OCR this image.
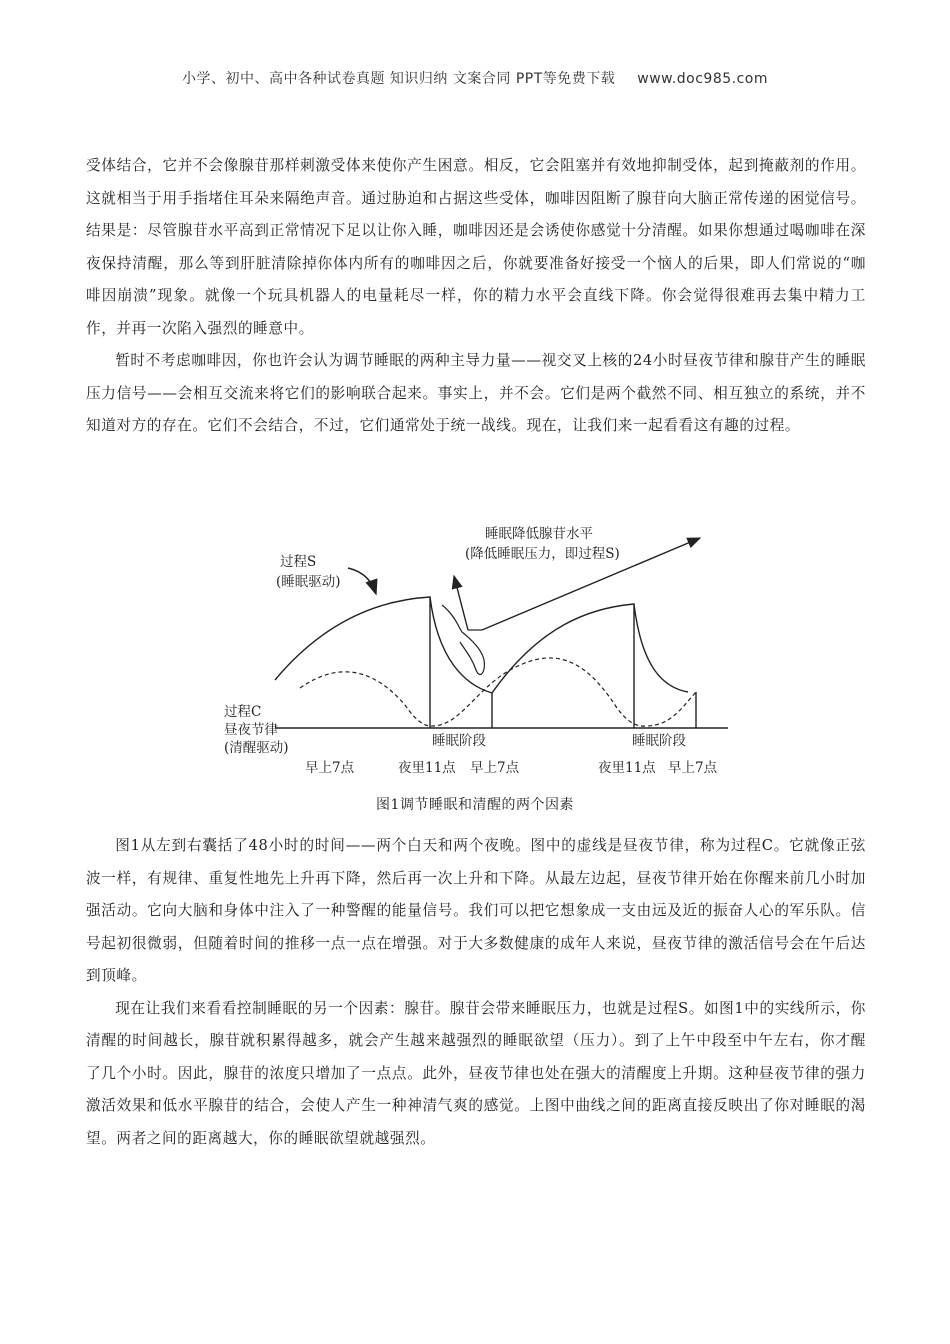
小学、初中、高中各种试卷真题 知识归纳 文案合同 PPT等免费下载 www.doc985.com

受体结合，它并不会像腺苷那样刺激受体来使你产生困意。相反，它会阻塞并有效地抑制受体，起到掩蔽剂的作用。这就相当于用手指堵住耳朵来隔绝声音。通过胁迫和占据这些受体，咖啡因阻断了腺苷向大脑正常传递的困觉信号。结果是：尽管腺苷水平高到正常情况下足以让你入睡，咖啡因还是会诱使你感觉十分清醒。如果你想通过喝咖啡在深夜保持清醒，那么等到肝脏清除掉你体内所有的咖啡因之后，你就要准备好接受一个恼人的后果，即人们常说的“咖啡因崩溃”现象。就像一个玩具机器人的电量耗尽一样，你的精力水平会直线下降。你会觉得很难再去集中精力工作，并再一次陷入强烈的睡意中。

暂时不考虑咖啡因，你也许会认为调节睡眠的两种主导力量——视交叉上核的24小时昼夜节律和腺苷产生的睡眠压力信号——会相互交流来将它们的影响联合起来。事实上，并不会。它们是两个截然不同、相互独立的系统，并不知道对方的存在。它们不会结合，不过，它们通常处于统一战线。现在，让我们来一起看看这有趣的过程。

过程S
(睡眠驱动)
睡眠降低腺苷水平
(降低睡眠压力，即过程S)
过程C
昼夜节律
(清醒驱动)	睡眠阶段	睡眠阶段
早上7点	夜里11点 早上7点	夜里11点 早上7点
图1调节睡眠和清醒的两个因素

图1从左到右囊括了48小时的时间——两个白天和两个夜晚。图中的虚线是昼夜节律，称为过程C。它就像正弦波一样，有规律、重复性地先上升再下降，然后再一次上升和下降。从最左边起，昼夜节律开始在你醒来前几小时加强活动。它向大脑和身体中注入了一种警醒的能量信号。我们可以把它想象成一支由远及近的振奋人心的军乐队。信号起初很微弱，但随着时间的推移一点一点在增强。对于大多数健康的成年人来说，昼夜节律的激活信号会在午后达到顶峰。

现在让我们来看看控制睡眠的另一个因素：腺苷。腺苷会带来睡眠压力，也就是过程S。如图1中的实线所示，你清醒的时间越长，腺苷就积累得越多，就会产生越来越强烈的睡眠欲望（压力）。到了上午中段至中午左右，你才醒了几个小时。因此，腺苷的浓度只增加了一点点。此外，昼夜节律也处在强大的清醒度上升期。这种昼夜节律的强力激活效果和低水平腺苷的结合，会使人产生一种神清气爽的感觉。上图中曲线之间的距离直接反映出了你对睡眠的渴望。两者之间的距离越大，你的睡眠欲望就越强烈。
